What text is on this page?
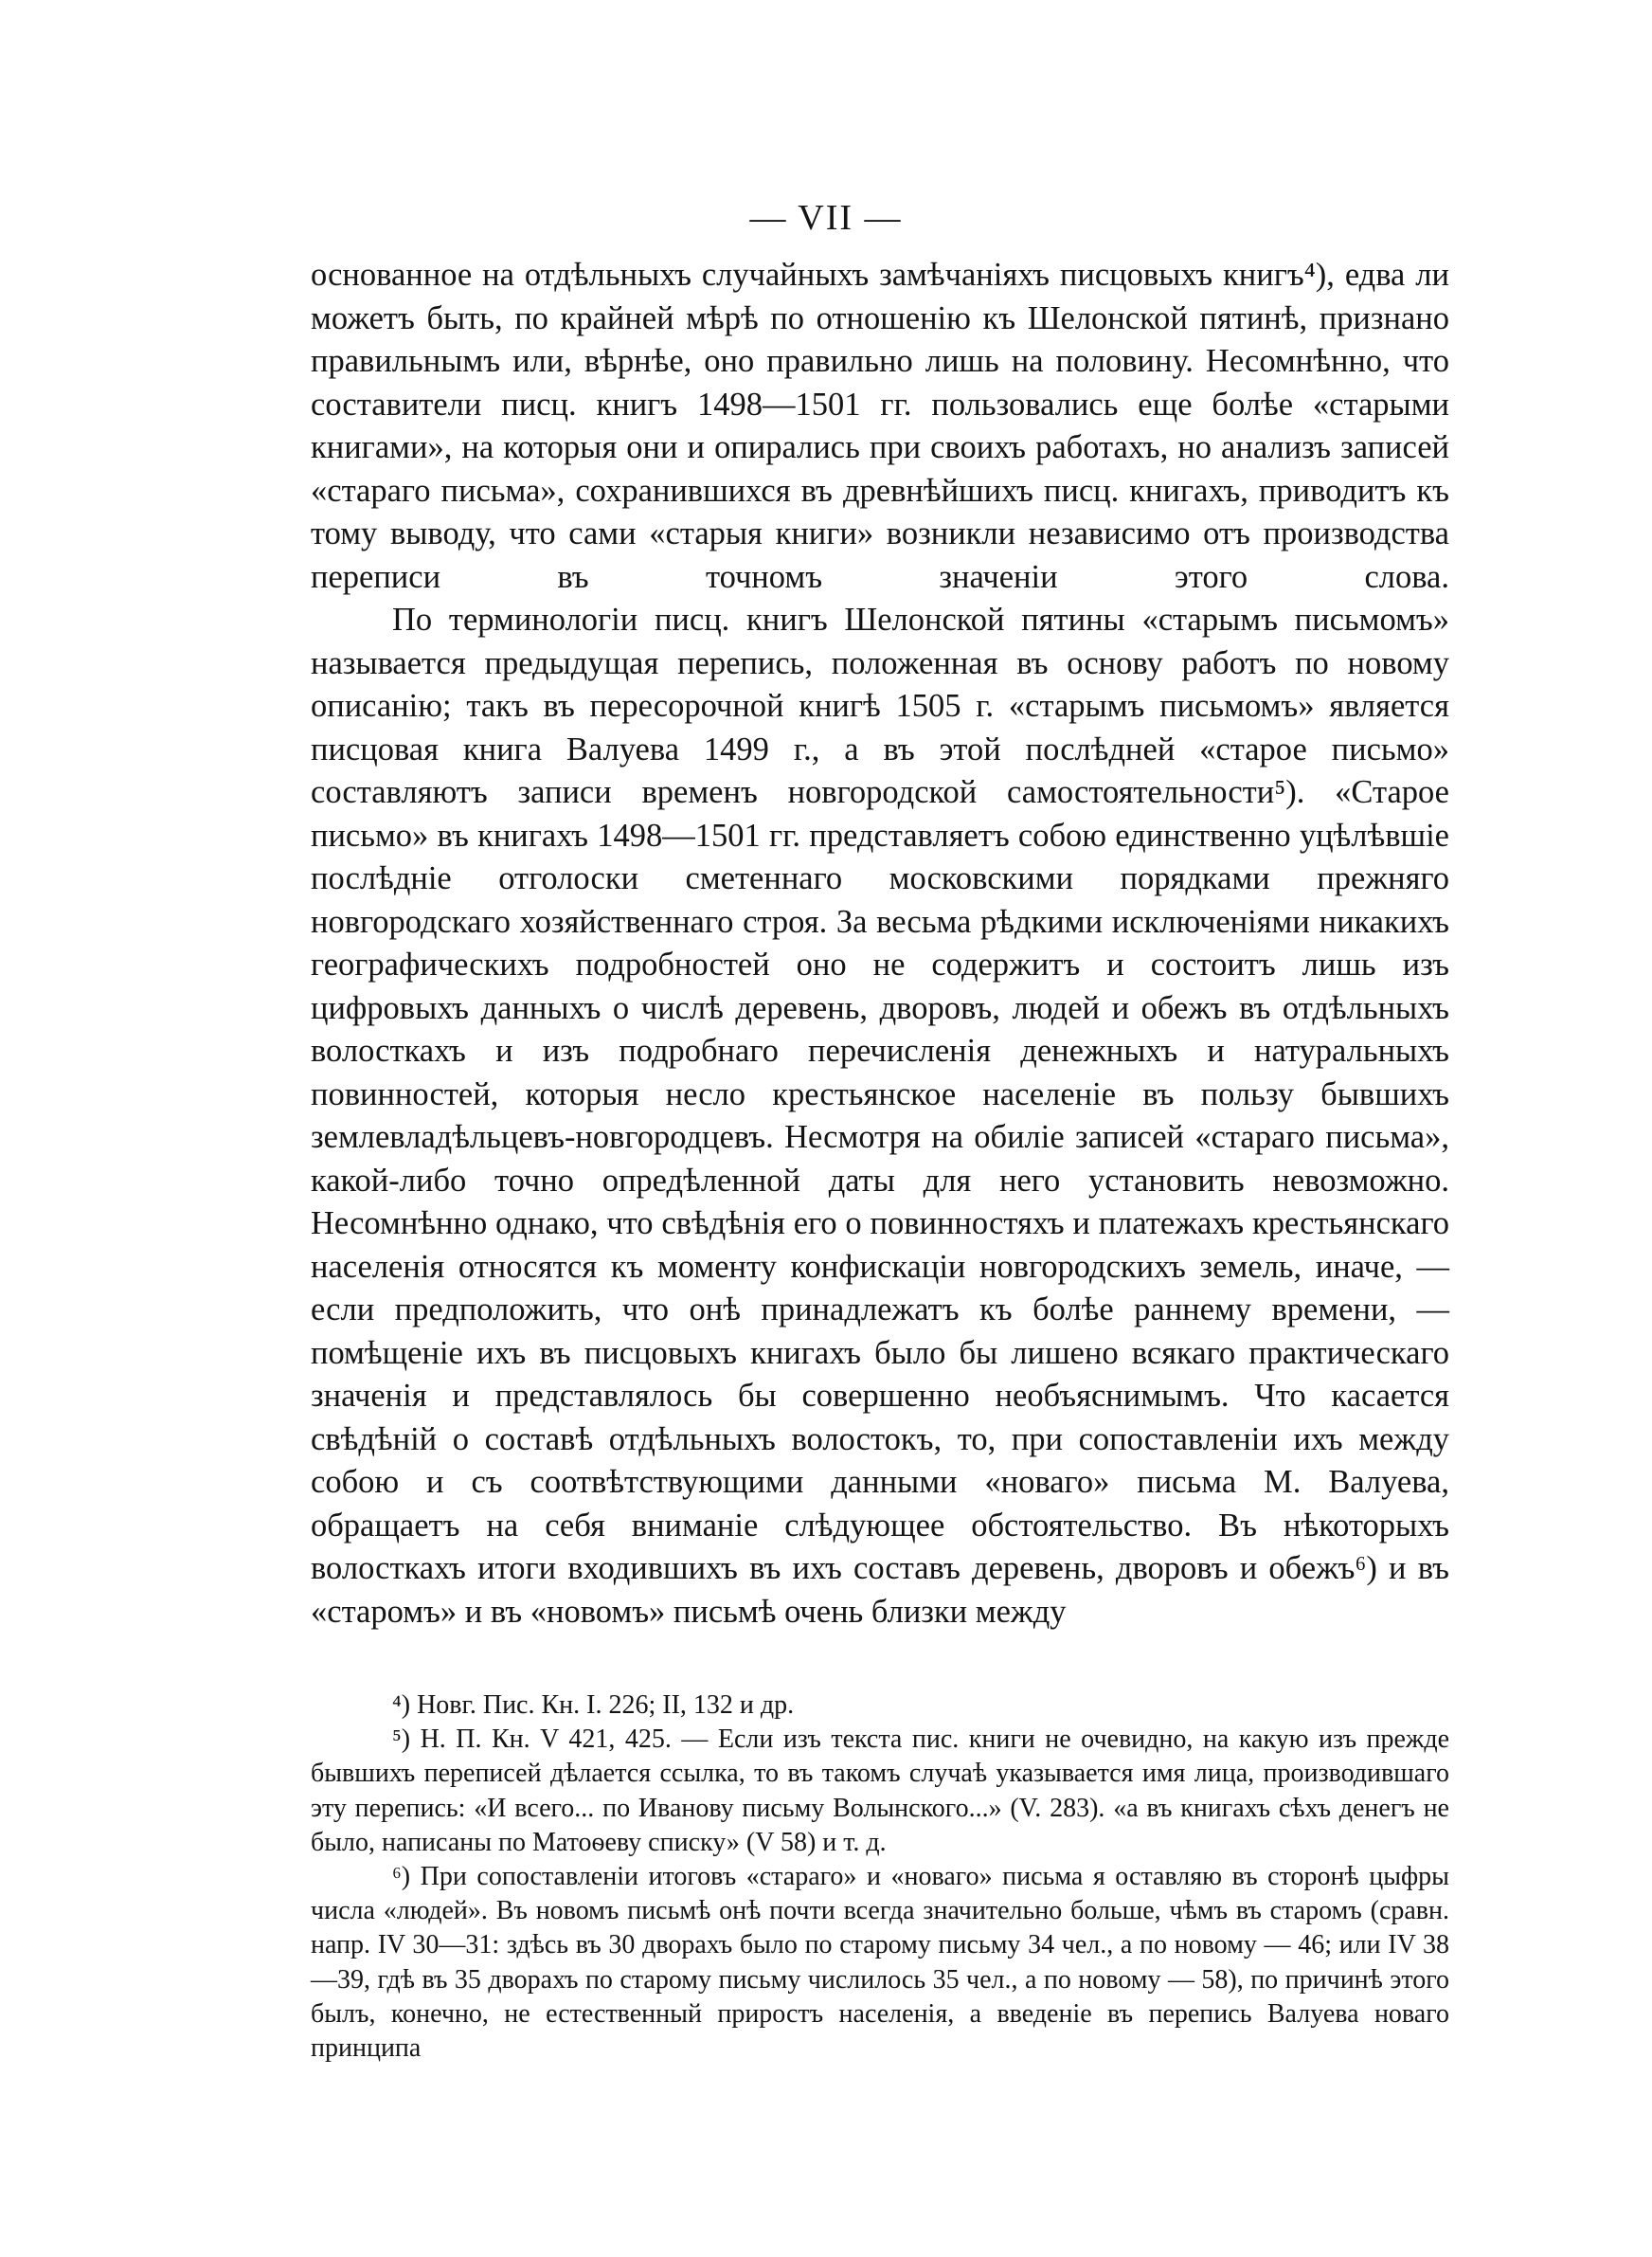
— VII —

основанное на отдѣльныхъ случайныхъ замѣчаніяхъ писцовыхъ книгъ⁴), едва ли можетъ быть, по крайней мѣрѣ по отношенію къ Шелонской пятинѣ, признано правильнымъ или, вѣрнѣе, оно правильно лишь на половину. Несомнѣнно, что составители писц. книгъ 1498—1501 гг. пользовались еще болѣе «старыми книгами», на которыя они и опирались при своихъ работахъ, но анализъ записей «стараго письма», сохранившихся въ древнѣйшихъ писц. книгахъ, приводитъ къ тому выводу, что сами «старыя книги» возникли независимо отъ производства переписи въ точномъ значеніи этого слова.

По терминологіи писц. книгъ Шелонской пятины «старымъ письмомъ» называется предыдущая перепись, положенная въ основу работъ по новому описанію; такъ въ пересорочной книгѣ 1505 г. «старымъ письмомъ» является писцовая книга Валуева 1499 г., а въ этой послѣдней «старое письмо» составляютъ записи временъ новгородской самостоятельности⁵). «Старое письмо» въ книгахъ 1498—1501 гг. представляетъ собою единственно уцѣлѣвшіе послѣдніе отголоски сметеннаго московскими порядками прежняго новгородскаго хозяйственнаго строя. За весьма рѣдкими исключеніями никакихъ географическихъ подробностей оно не содержитъ и состоитъ лишь изъ цифровыхъ данныхъ о числѣ деревень, дворовъ, людей и обежъ въ отдѣльныхъ волосткахъ и изъ подробнаго перечисленія денежныхъ и натуральныхъ повинностей, которыя несло крестьянское населеніе въ пользу бывшихъ землевладѣльцевъ-новгородцевъ. Несмотря на обиліе записей «стараго письма», какой-либо точно опредѣленной даты для него установить невозможно. Несомнѣнно однако, что свѣдѣнія его о повинностяхъ и платежахъ крестьянскаго населенія относятся къ моменту конфискаціи новгородскихъ земель, иначе, — если предположить, что онѣ принадлежатъ къ болѣе раннему времени, — помѣщеніе ихъ въ писцовыхъ книгахъ было бы лишено всякаго практическаго значенія и представлялось бы совершенно необъяснимымъ. Что касается свѣдѣній о составѣ отдѣльныхъ волостокъ, то, при сопоставленіи ихъ между собою и съ соотвѣтствующими данными «новаго» письма М. Валуева, обращаетъ на себя вниманіе слѣдующее обстоятельство. Въ нѣкоторыхъ волосткахъ итоги входившихъ въ ихъ составъ деревень, дворовъ и обежъ⁶) и въ «старомъ» и въ «новомъ» письмѣ очень близки между

⁴) Новг. Пис. Кн. I. 226; II, 132 и др.

⁵) Н. П. Кн. V 421, 425. — Если изъ текста пис. книги не очевидно, на какую изъ прежде бывшихъ переписей дѣлается ссылка, то въ такомъ случаѣ указывается имя лица, производившаго эту перепись: «И всего... по Иванову письму Волынского...» (V. 283). «а въ книгахъ сѣхъ денегъ не было, написаны по Матоѳеву списку» (V 58) и т. д.

⁶) При сопоставленіи итоговъ «стараго» и «новаго» письма я оставляю въ сторонѣ цыфры числа «людей». Въ новомъ письмѣ онѣ почти всегда значительно больше, чѣмъ въ старомъ (сравн. напр. IV 30—31: здѣсь въ 30 дворахъ было по старому письму 34 чел., а по новому — 46; или IV 38—39, гдѣ въ 35 дворахъ по старому письму числилось 35 чел., а по новому — 58), по причинѣ этого былъ, конечно, не естественный приростъ населенія, а введеніе въ перепись Валуева новаго принципа
